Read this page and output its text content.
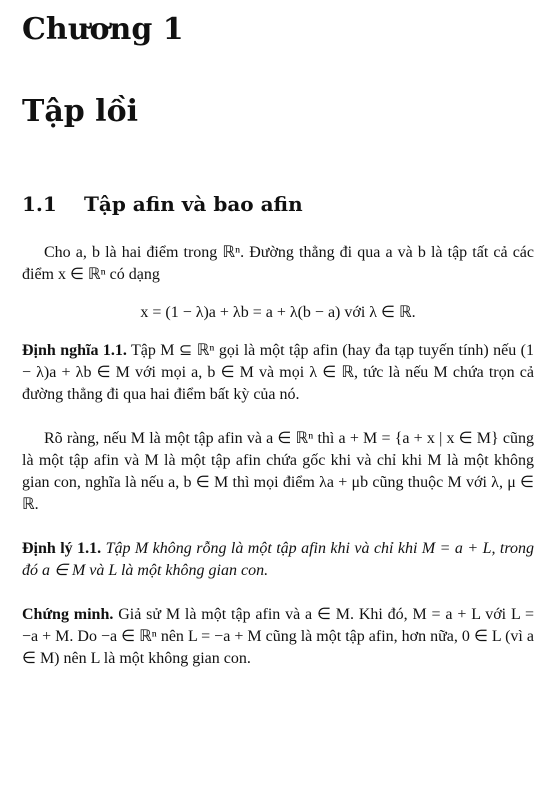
Chương 1
Tập lồi
1.1 Tập afin và bao afin

Cho a, b là hai điểm trong ℝⁿ. Đường thẳng đi qua a và b là tập tất cả các điểm x ∈ ℝⁿ có dạng

x = (1 − λ)a + λb = a + λ(b − a) với λ ∈ ℝ.

Định nghĩa 1.1. Tập M ⊆ ℝⁿ gọi là một tập afin (hay đa tạp tuyến tính) nếu (1 − λ)a + λb ∈ M với mọi a, b ∈ M và mọi λ ∈ ℝ, tức là nếu M chứa trọn cả đường thẳng đi qua hai điểm bất kỳ của nó.

Rõ ràng, nếu M là một tập afin và a ∈ ℝⁿ thì a + M = {a + x | x ∈ M} cũng là một tập afin và M là một tập afin chứa gốc khi và chỉ khi M là một không gian con, nghĩa là nếu a, b ∈ M thì mọi điểm λa + μb cũng thuộc M với λ, μ ∈ ℝ.

Định lý 1.1. Tập M không rỗng là một tập afin khi và chỉ khi M = a + L, trong đó a ∈ M và L là một không gian con.

Chứng minh. Giả sử M là một tập afin và a ∈ M. Khi đó, M = a + L với L = −a + M. Do −a ∈ ℝⁿ nên L = −a + M cũng là một tập afin, hơn nữa, 0 ∈ L (vì a ∈ M) nên L là một không gian con.
